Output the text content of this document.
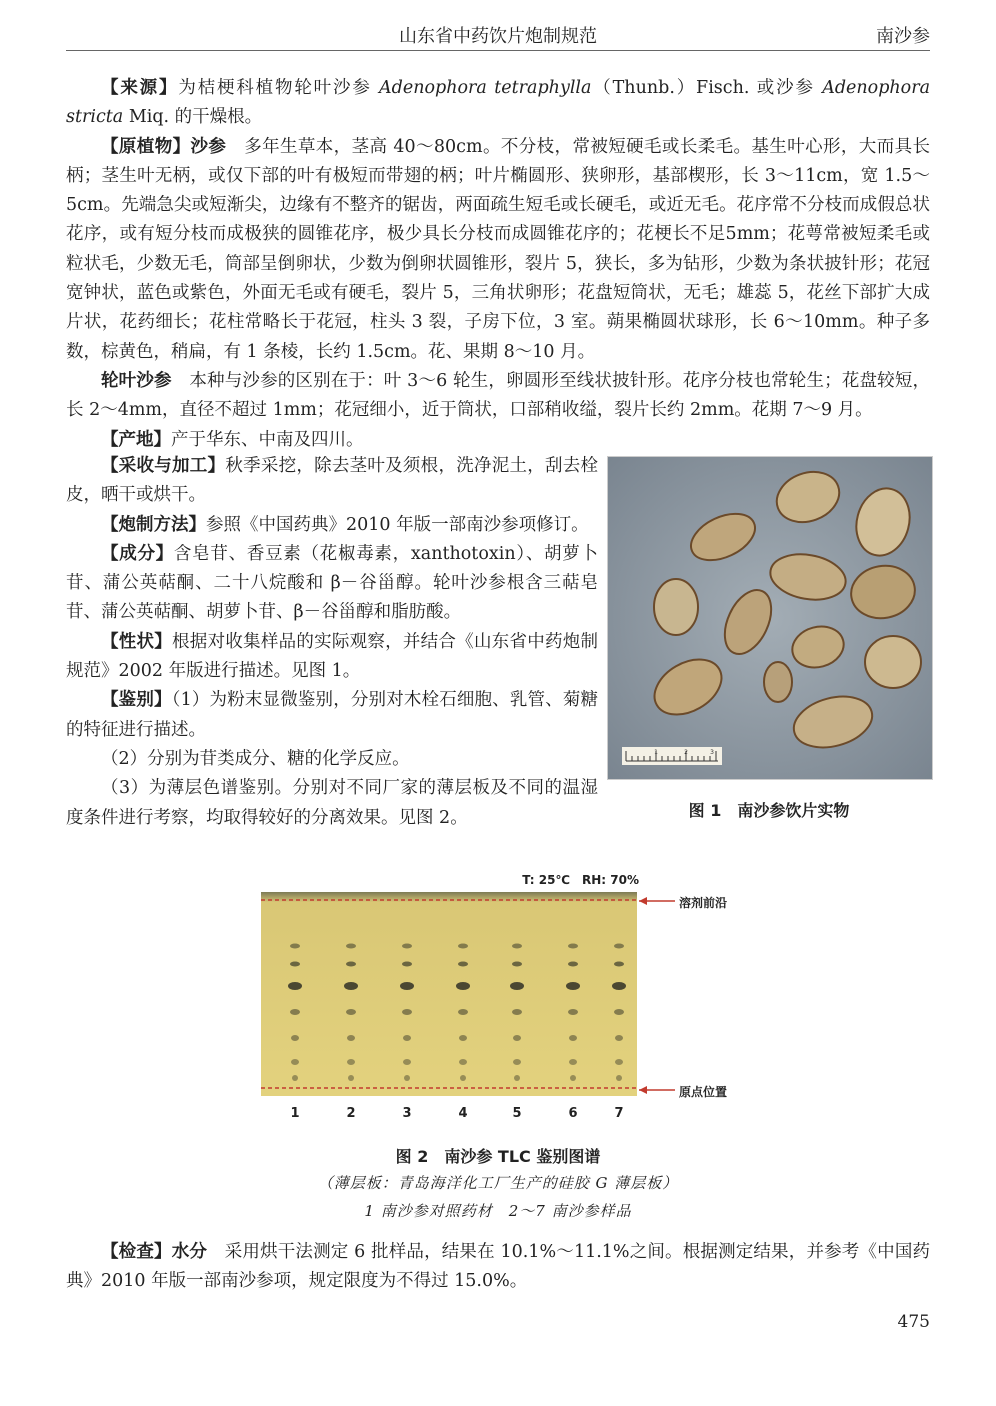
山东省中药饮片炮制规范	南沙参
【来源】为桔梗科植物轮叶沙参 Adenophora tetraphylla（Thunb.）Fisch. 或沙参 Adenophora stricta Miq. 的干燥根。
【原植物】沙参　多年生草本，茎高 40～80cm。不分枝，常被短硬毛或长柔毛。基生叶心形，大而具长柄；茎生叶无柄，或仅下部的叶有极短而带翅的柄；叶片椭圆形、狭卵形，基部楔形，长 3～11cm，宽 1.5～5cm。先端急尖或短渐尖，边缘有不整齐的锯齿，两面疏生短毛或长硬毛，或近无毛。花序常不分枝而成假总状花序，或有短分枝而成极狭的圆锥花序，极少具长分枝而成圆锥花序的；花梗长不足5mm；花萼常被短柔毛或粒状毛，少数无毛，筒部呈倒卵状，少数为倒卵状圆锥形，裂片 5，狭长，多为钻形，少数为条状披针形；花冠宽钟状，蓝色或紫色，外面无毛或有硬毛，裂片 5，三角状卵形；花盘短筒状，无毛；雄蕊 5，花丝下部扩大成片状，花药细长；花柱常略长于花冠，柱头 3 裂，子房下位，3 室。蒴果椭圆状球形，长 6～10mm。种子多数，棕黄色，稍扁，有 1 条棱，长约 1.5cm。花、果期 8～10 月。
轮叶沙参　本种与沙参的区别在于：叶 3～6 轮生，卵圆形至线状披针形。花序分枝也常轮生；花盘较短，长 2～4mm，直径不超过 1mm；花冠细小，近于筒状，口部稍收缢，裂片长约 2mm。花期 7～9 月。
【产地】产于华东、中南及四川。
【采收与加工】秋季采挖，除去茎叶及须根，洗净泥土，刮去栓皮，晒干或烘干。
【炮制方法】参照《中国药典》2010 年版一部南沙参项修订。
【成分】含皂苷、香豆素（花椒毒素，xanthotoxin）、胡萝卜苷、蒲公英萜酮、二十八烷酸和 β－谷甾醇。轮叶沙参根含三萜皂苷、蒲公英萜酮、胡萝卜苷、β－谷甾醇和脂肪酸。
【性状】根据对收集样品的实际观察，并结合《山东省中药炮制规范》2002 年版进行描述。见图 1。
【鉴别】（1）为粉末显微鉴别，分别对木栓石细胞、乳管、菊糖的特征进行描述。
（2）分别为苷类成分、糖的化学反应。
（3）为薄层色谱鉴别。分别对不同厂家的薄层板及不同的温湿度条件进行考察，均取得较好的分离效果。见图 2。
1	2	3
图 1　南沙参饮片实物
T: 25℃　RH: 70%
溶剂前沿
原点位置
1	2	3	4	5	6	7
图 2　南沙参 TLC 鉴别图谱
（薄层板：青岛海洋化工厂生产的硅胶 G 薄层板）
1 南沙参对照药材　2～7 南沙参样品
【检查】水分　采用烘干法测定 6 批样品，结果在 10.1%～11.1%之间。根据测定结果，并参考《中国药典》2010 年版一部南沙参项，规定限度为不得过 15.0%。
475
